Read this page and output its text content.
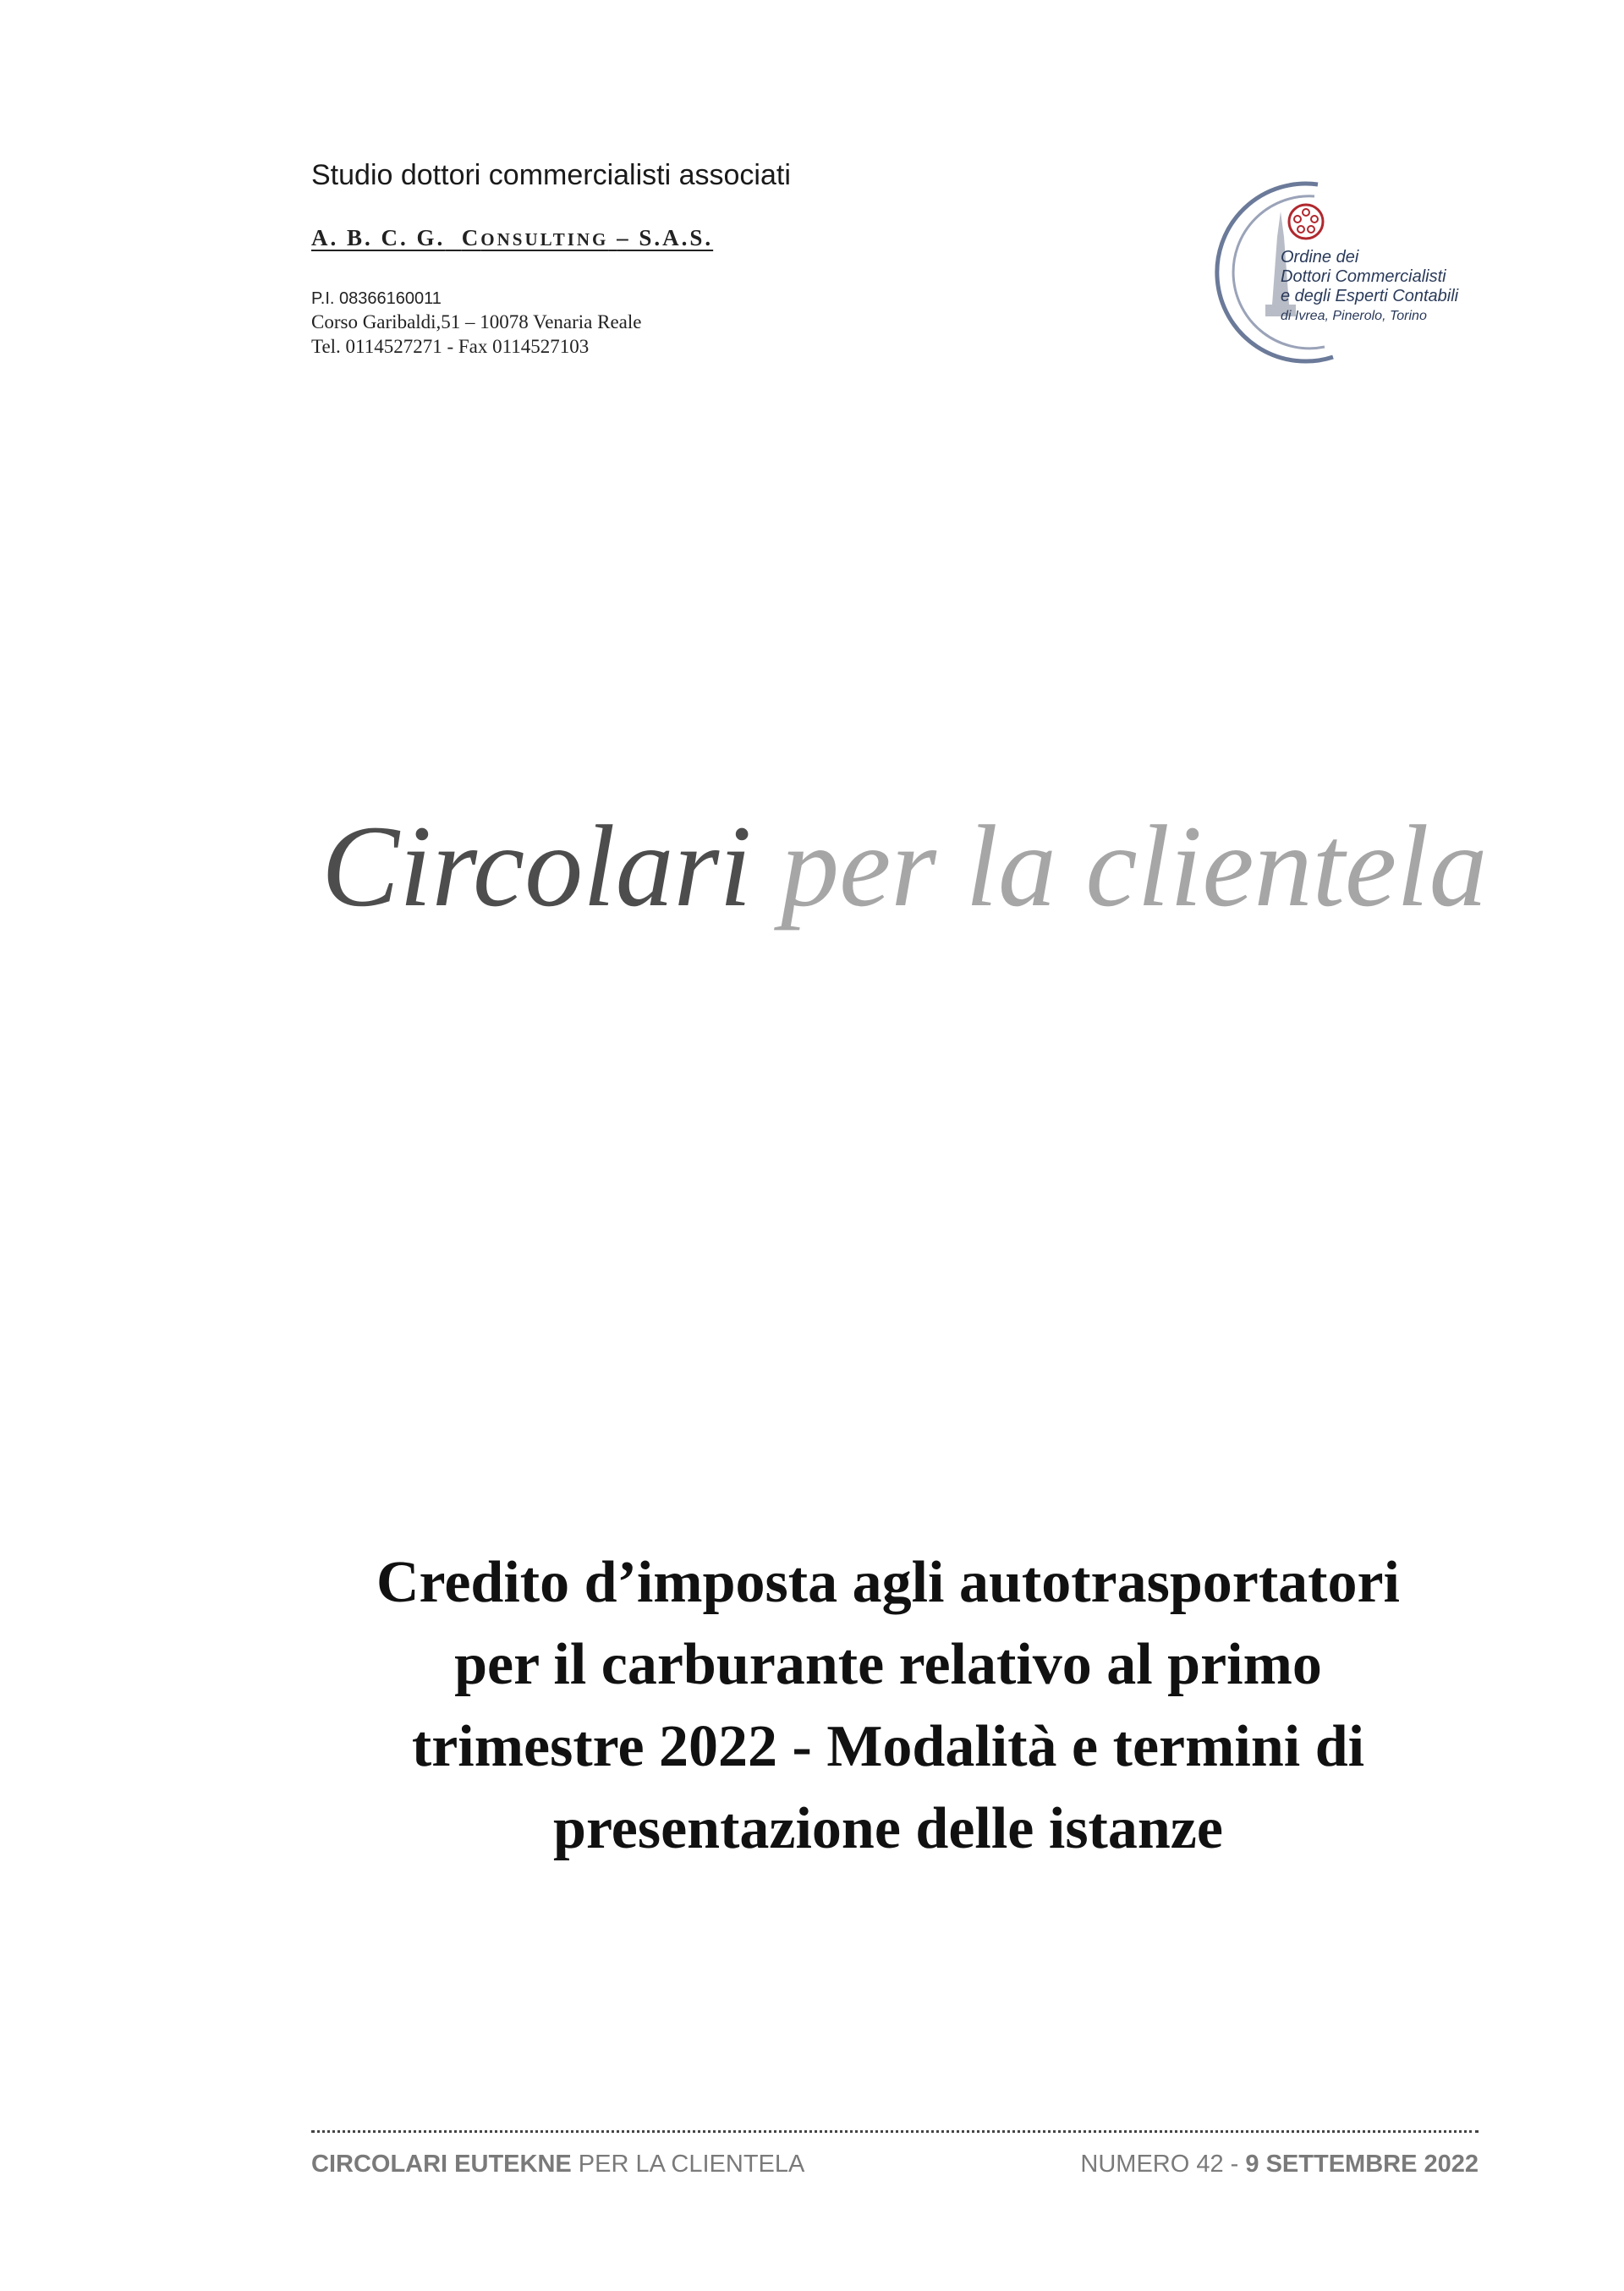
Studio dottori commercialisti associati
A. B. C. G. CONSULTING – S.A.S.
P.I. 08366160011
Corso Garibaldi,51 – 10078 Venaria Reale
Tel. 0114527271 - Fax 0114527103
Ordine dei
Dottori Commercialisti
e degli Esperti Contabili
di Ivrea, Pinerolo, Torino
Circolari per la clientela
Credito d’imposta agli autotrasportatori
per il carburante relativo al primo
trimestre 2022 - Modalità e termini di
presentazione delle istanze
CIRCOLARI EUTEKNE PER LA CLIENTELA	NUMERO 42 - 9 SETTEMBRE 2022
